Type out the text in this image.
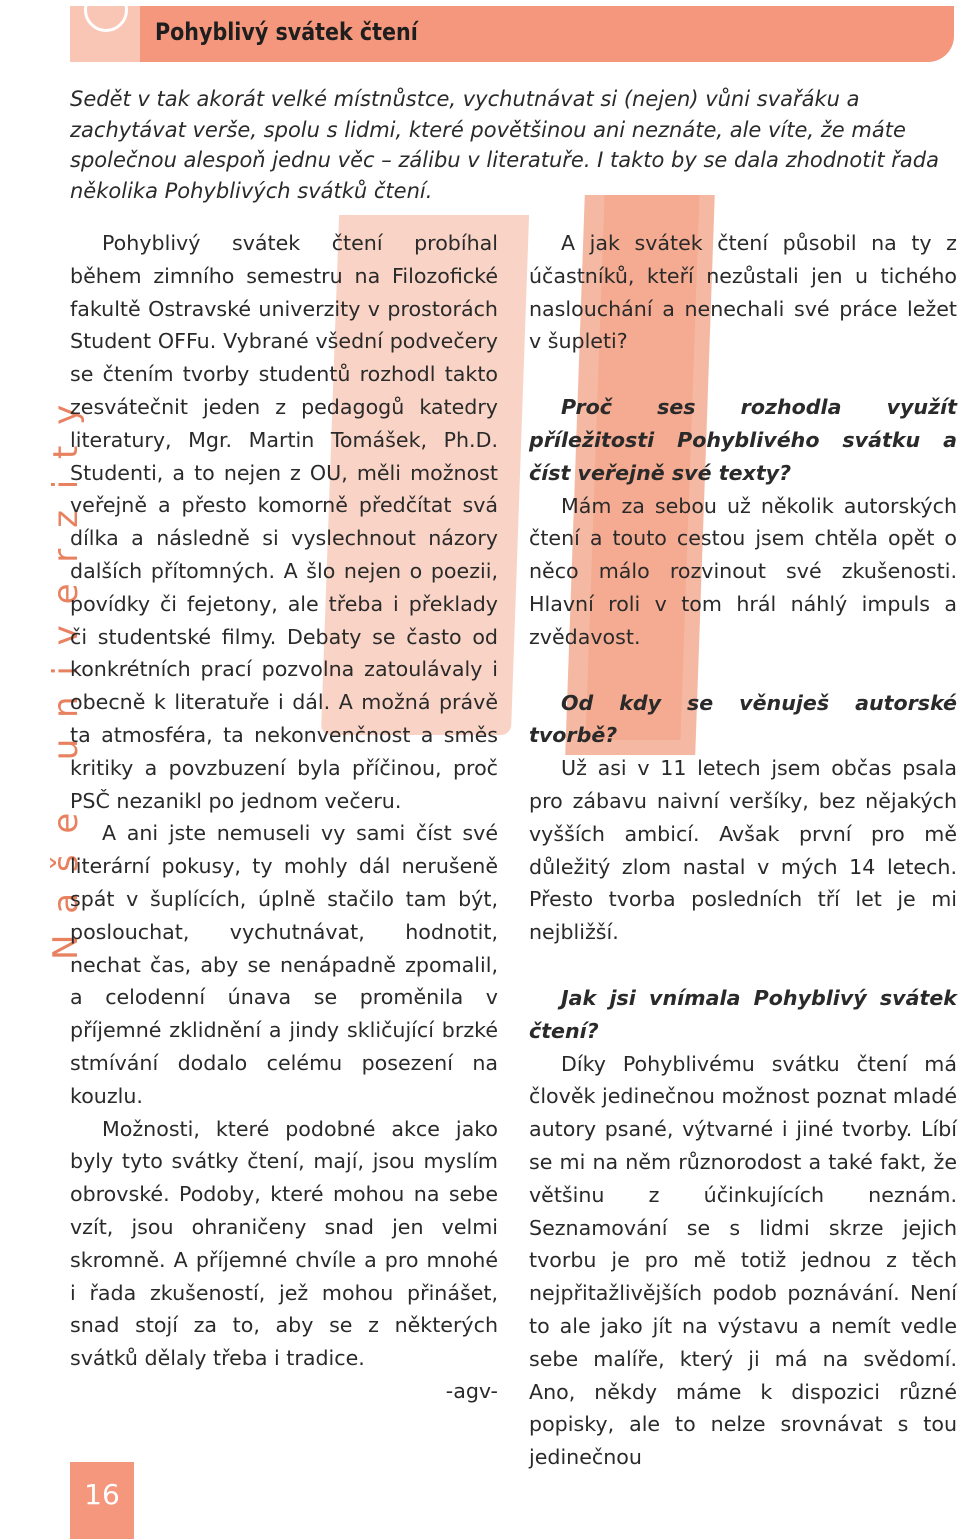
Pohyblivý svátek čtení
Naše univerzity

Sedět v tak akorát velké místnůstce, vychutnávat si (nejen) vůni svařáku a zachytávat verše, spolu s lidmi, které povětšinou ani neznáte, ale víte, že máte společnou alespoň jednu věc – zálibu v literatuře. I takto by se dala zhodnotit řada několika Pohyblivých svátků čtení.

Pohyblivý svátek čtení probíhal během zimního semestru na Filozofické fakultě Ostravské univerzity v prostorách Student OFFu. Vybrané všední podvečery se čtením tvorby studentů rozhodl takto zesvátečnit jeden z pedagogů katedry literatury, Mgr. Martin Tomášek, Ph.D. Studenti, a to nejen z OU, měli možnost veřejně a přesto komorně předčítat svá dílka a následně si vyslechnout názory dalších přítomných. A šlo nejen o poezii, povídky či fejetony, ale třeba i překlady či studentské filmy. Debaty se často od konkrétních prací pozvolna zatoulávaly i obecně k literatuře i dál. A možná právě ta atmosféra, ta nekonvenčnost a směs kritiky a povzbuzení byla příčinou, proč PSČ nezanikl po jednom večeru.

A ani jste nemuseli vy sami číst své literární pokusy, ty mohly dál nerušeně spát v šuplících, úplně stačilo tam být, poslouchat, vychutnávat, hodnotit, nechat čas, aby se nenápadně zpomalil, a celodenní únava se proměnila v příjemné zklidnění a jindy skličující brzké stmívání dodalo celému posezení na kouzlu.

Možnosti, které podobné akce jako byly tyto svátky čtení, mají, jsou myslím obrovské. Podoby, které mohou na sebe vzít, jsou ohraničeny snad jen velmi skromně. A příjemné chvíle a pro mnohé i řada zkušeností, jež mohou přinášet, snad stojí za to, aby se z některých svátků dělaly třeba i tradice.

-agv-

A jak svátek čtení působil na ty z účastníků, kteří nezůstali jen u tichého naslouchání a nenechali své práce ležet v šupleti?

Proč ses rozhodla využít příležitosti Pohyblivého svátku a číst veřejně své texty?

Mám za sebou už několik autorských čtení a touto cestou jsem chtěla opět o něco málo rozvinout své zkušenosti. Hlavní roli v tom hrál náhlý impuls a zvědavost.

Od kdy se věnuješ autorské tvorbě?

Už asi v 11 letech jsem občas psala pro zábavu naivní veršíky, bez nějakých vyšších ambicí. Avšak první pro mě důležitý zlom nastal v mých 14 letech. Přesto tvorba posledních tří let je mi nejbližší.

Jak jsi vnímala Pohyblivý svátek čtení?

Díky Pohyblivému svátku čtení má člověk jedinečnou možnost poznat mladé autory psané, výtvarné i jiné tvorby. Líbí se mi na něm různorodost a také fakt, že většinu z účinkujících neznám. Seznamování se s lidmi skrze jejich tvorbu je pro mě totiž jednou z těch nejpřitažlivějších podob poznávání. Není to ale jako jít na výstavu a nemít vedle sebe malíře, který ji má na svědomí. Ano, někdy máme k dispozici různé popisky, ale to nelze srovnávat s tou jedinečnou

16
